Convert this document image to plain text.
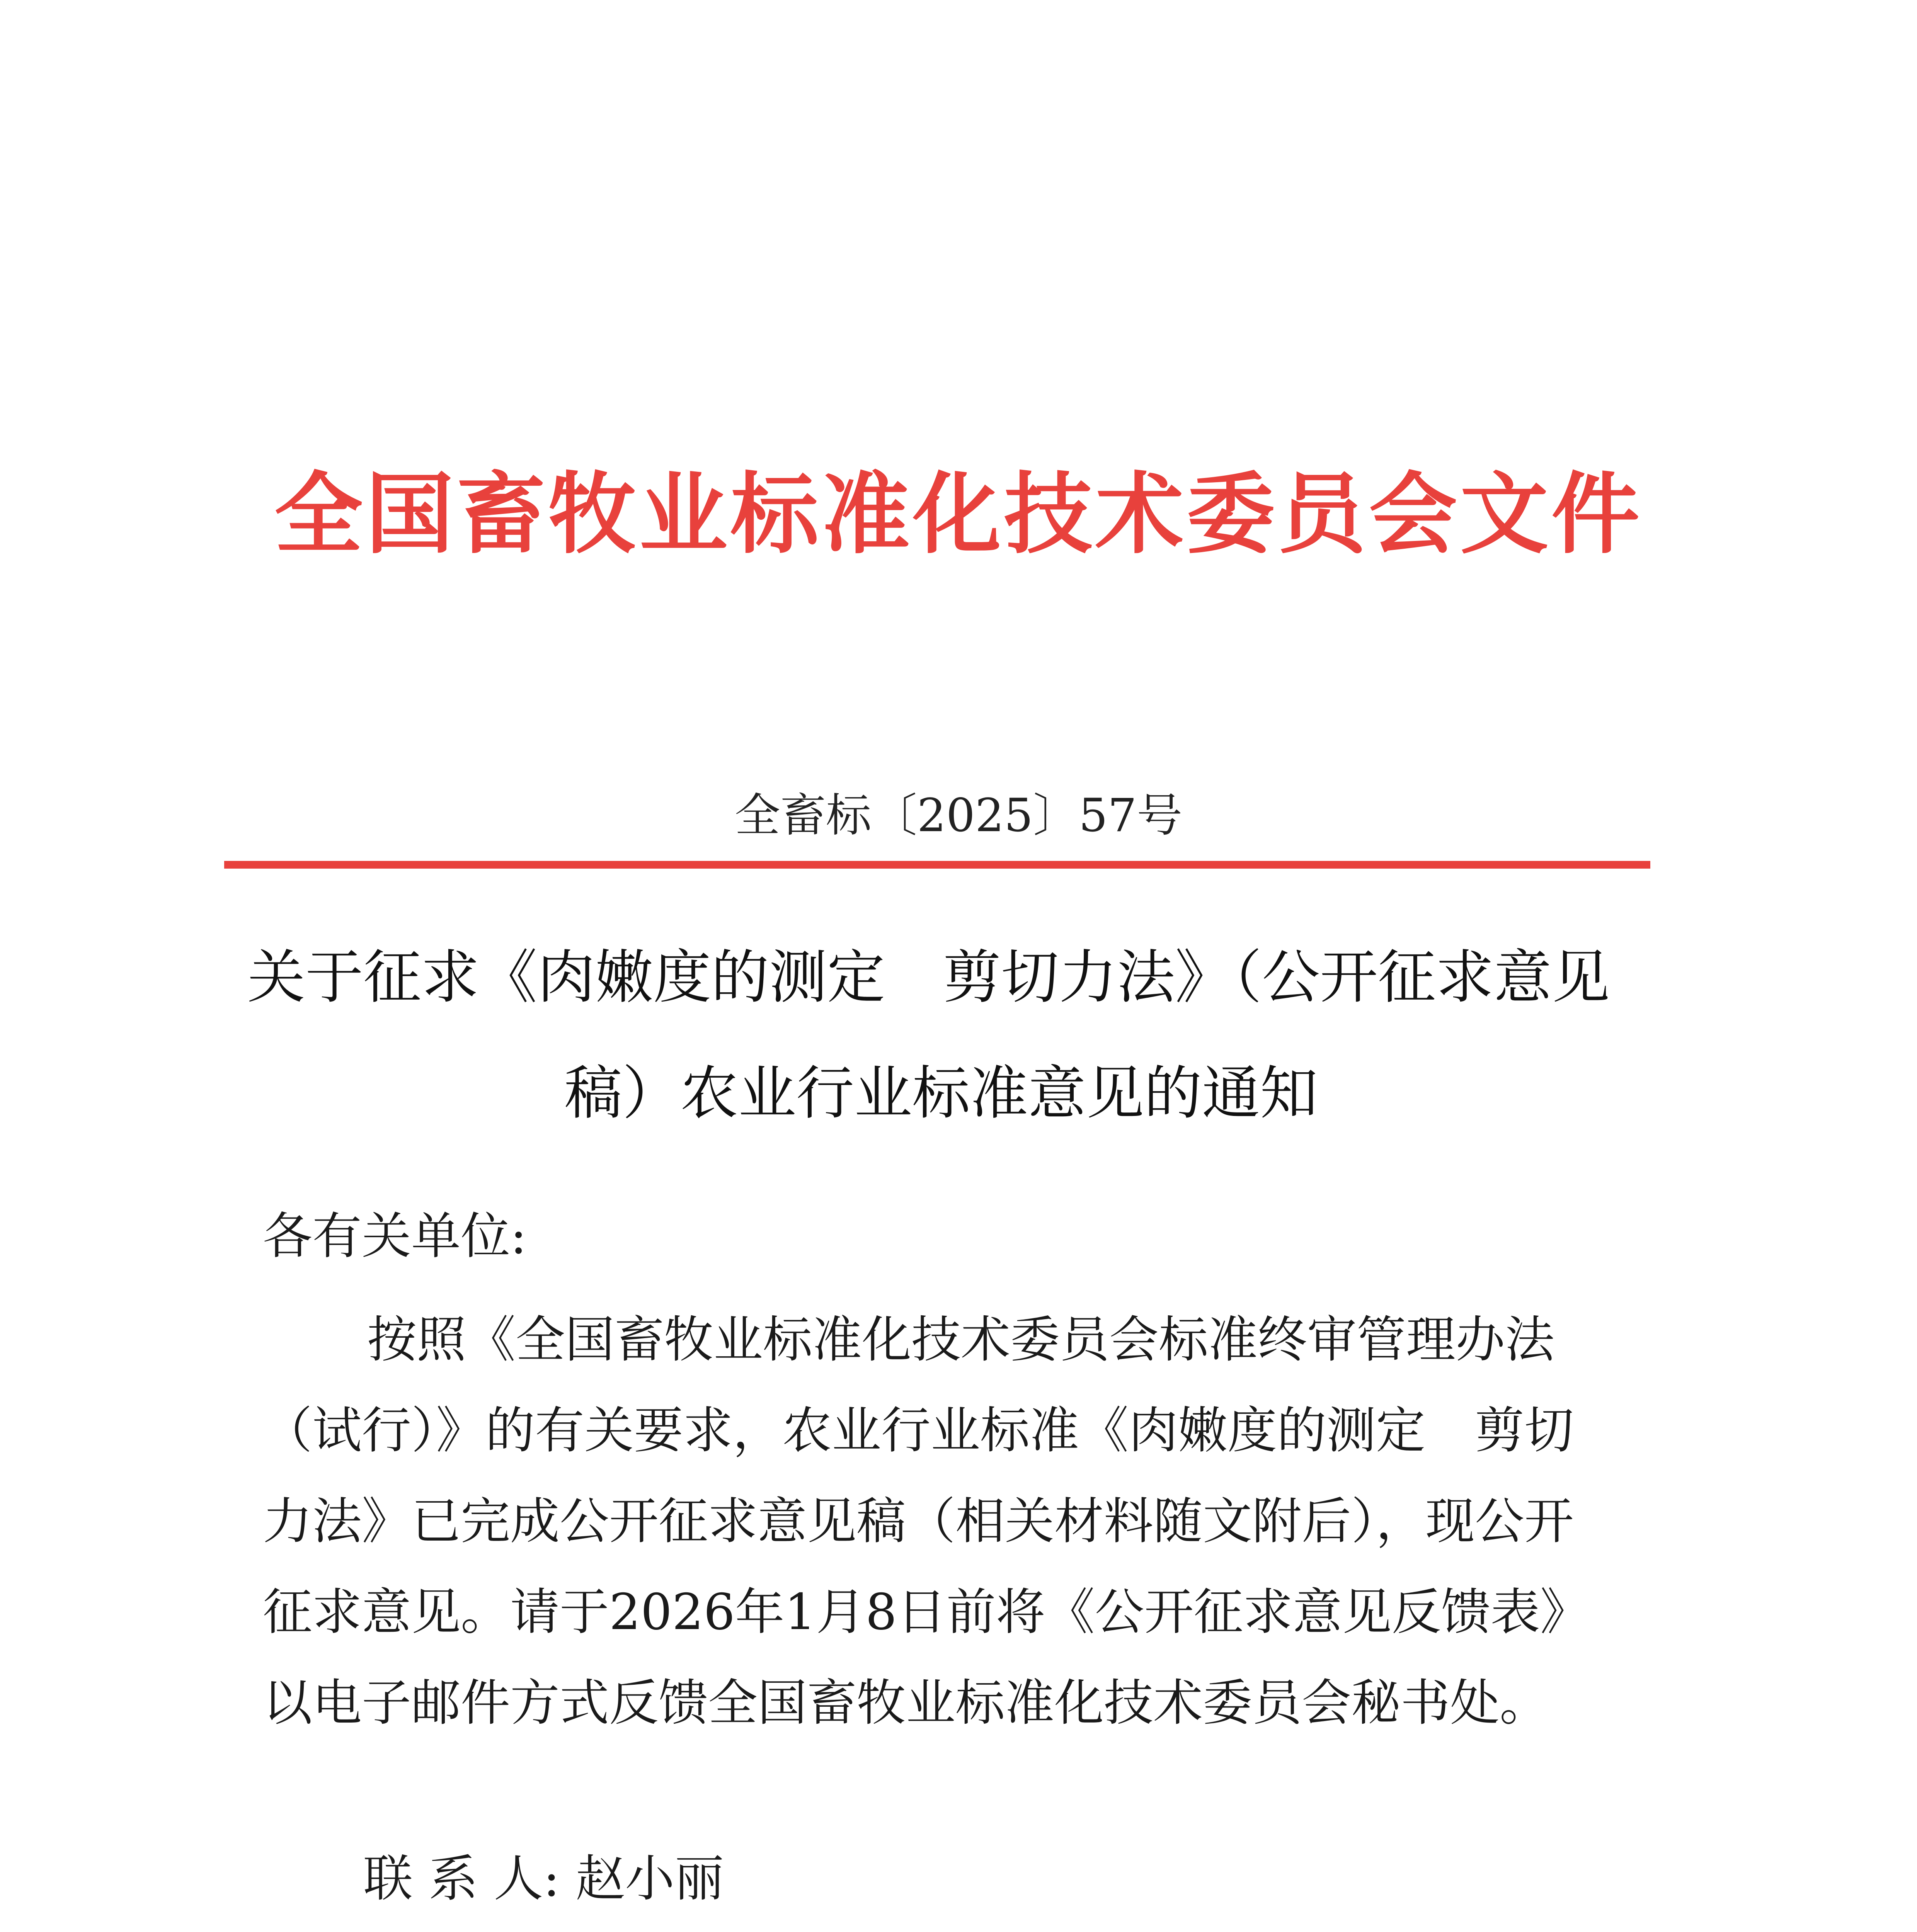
全国畜牧业标准化技术委员会文件
全畜标〔2025〕57号
关于征求《肉嫩度的测定　剪切力法》（公开征求意见
稿）农业行业标准意见的通知
各有关单位:
按照《全国畜牧业标准化技术委员会标准终审管理办法
（试行）》的有关要求，农业行业标准《肉嫩度的测定　剪切
力法》已完成公开征求意见稿（相关材料随文附后），现公开
征求意见。请于2026年1月8日前将《公开征求意见反馈表》
以电子邮件方式反馈全国畜牧业标准化技术委员会秘书处。
联 系 人: 赵小丽
